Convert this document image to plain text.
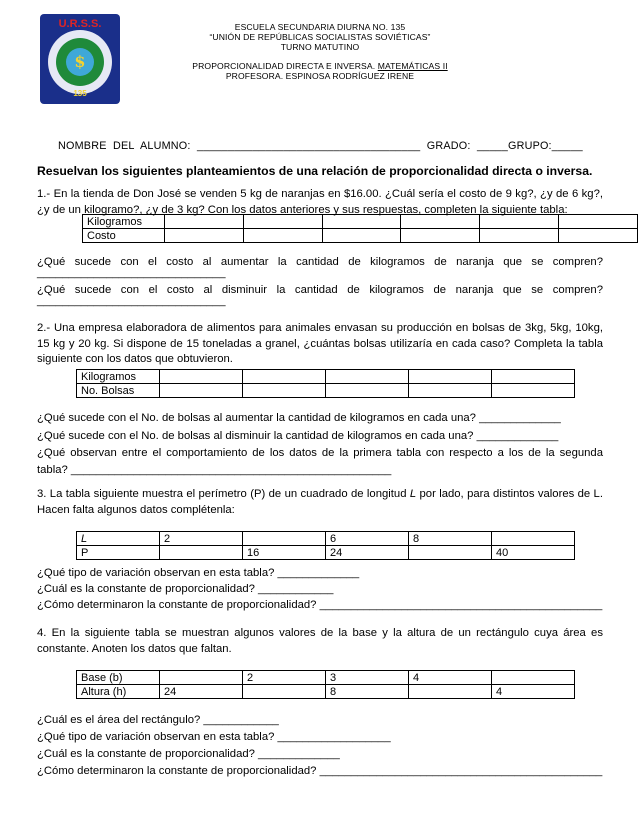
$
135
U.R.S.S.	ESCUELA SECUNDARIA DIURNA NO. 135
“UNIÓN DE REPÚBLICAS SOCIALISTAS SOVIÉTICAS”
TURNO MATUTINO
PROPORCIONALIDAD DIRECTA E INVERSA. MATEMÁTICAS II
PROFESORA. ESPINOSA RODRÍGUEZ IRENE
NOMBRE  DEL  ALUMNO:  ____________________________________  GRADO:  _____GRUPO:_____
Resuelvan los siguientes planteamientos de una relación de proporcionalidad directa o inversa.
1.- En la tienda de Don José se venden 5 kg de naranjas en $16.00. ¿Cuál sería el costo de 9 kg?, ¿y de 6 kg?, ¿y de un kilogramo?, ¿y de 3 kg? Con los datos anteriores y sus respuestas, completen la siguiente tabla:
Kilogramos						
Costo						
¿Qué sucede con el costo al aumentar la cantidad de kilogramos de naranja que se compren?
______________________________
¿Qué sucede con el costo al disminuir la cantidad de kilogramos de naranja que se compren?
______________________________
2.- Una empresa elaboradora de alimentos para animales envasan su producción en bolsas de 3kg, 5kg, 10kg, 15 kg y 20 kg. Si dispone de 15 toneladas a granel, ¿cuántas bolsas utilizaría en cada caso? Completa la tabla siguiente con los datos que obtuvieron.
Kilogramos					
No. Bolsas					
¿Qué sucede con el No. de bolsas al aumentar la cantidad de kilogramos en cada una? _____________
¿Qué sucede con el No. de bolsas al disminuir la cantidad de kilogramos en cada una? _____________
¿Qué observan entre el comportamiento de los datos de la primera tabla con respecto a los de la segunda
tabla? ___________________________________________________
3. La tabla siguiente muestra el perímetro (P) de un cuadrado de longitud L por lado, para distintos valores de L. Hacen falta algunos datos complétenla:
L	2		6	8	
P		16	24		40
¿Qué tipo de variación observan en esta tabla? _____________
¿Cuál es la constante de proporcionalidad? ____________
¿Cómo determinaron la constante de proporcionalidad? _____________________________________________
4. En la siguiente tabla se muestran algunos valores de la base y la altura de un rectángulo cuya área es constante. Anoten los datos que faltan.
Base (b)		2	3	4	
Altura (h)	24		8		4
¿Cuál es el área del rectángulo? ____________
¿Qué tipo de variación observan en esta tabla? __________________
¿Cuál es la constante de proporcionalidad? _____________
¿Cómo determinaron la constante de proporcionalidad? _____________________________________________
